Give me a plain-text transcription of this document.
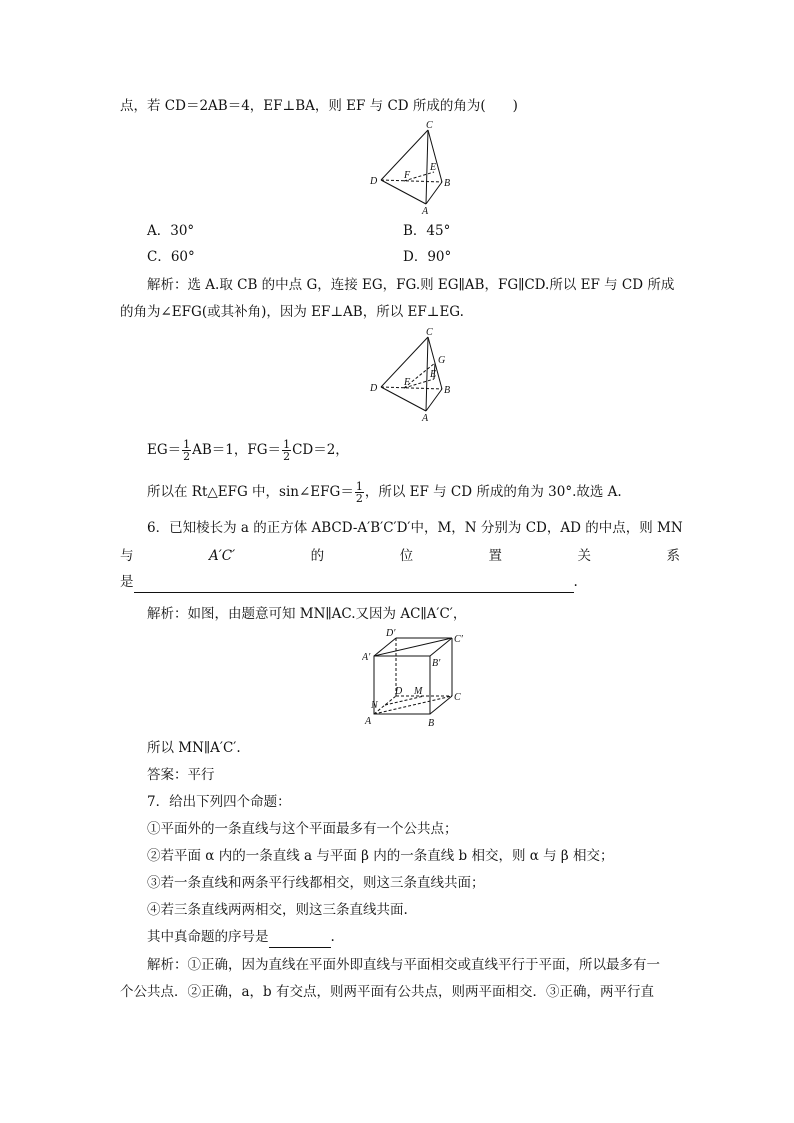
点，若 CD＝2AB＝4，EF⊥BA，则 EF 与 CD 所成的角为(　　)
C
D
F
E
B
A
A．30°	B．45°
C．60°	D．90°
解析：选 A.取 CB 的中点 G，连接 EG，FG.则 EG∥AB，FG∥CD.所以 EF 与 CD 所成
的角为∠EFG(或其补角)，因为 EF⊥AB，所以 EF⊥EG.
C
G
D
F
E
B
A
$EG= \frac{1}{2} AB=1$，$FG= \frac{1}{2} CD=2$，
所以在 Rt△EFG 中，sin∠EFG＝ $\frac{1}{2}$ ，所以 EF 与 CD 所成的角为 30°.故选 A.
6．已知棱长为 a 的正方体 ABCD-A′B′C′D′中，M，N 分别为 CD，AD 的中点，则 MN
与	A′C′	的	位	置	关	系
是	.
解析：如图，由题意可知 MN∥AC.又因为 AC∥A′C′，
D′
C′
A′
B′
D M
C
N
A	B
所以 MN∥A′C′.
答案：平行
7．给出下列四个命题：
①平面外的一条直线与这个平面最多有一个公共点；
②若平面 α 内的一条直线 a 与平面 β 内的一条直线 b 相交，则 α 与 β 相交；
③若一条直线和两条平行线都相交，则这三条直线共面；
④若三条直线两两相交，则这三条直线共面.
其中真命题的序号是	.
解析：①正确，因为直线在平面外即直线与平面相交或直线平行于平面，所以最多有一
个公共点．②正确，a，b 有交点，则两平面有公共点，则两平面相交．③正确，两平行直
